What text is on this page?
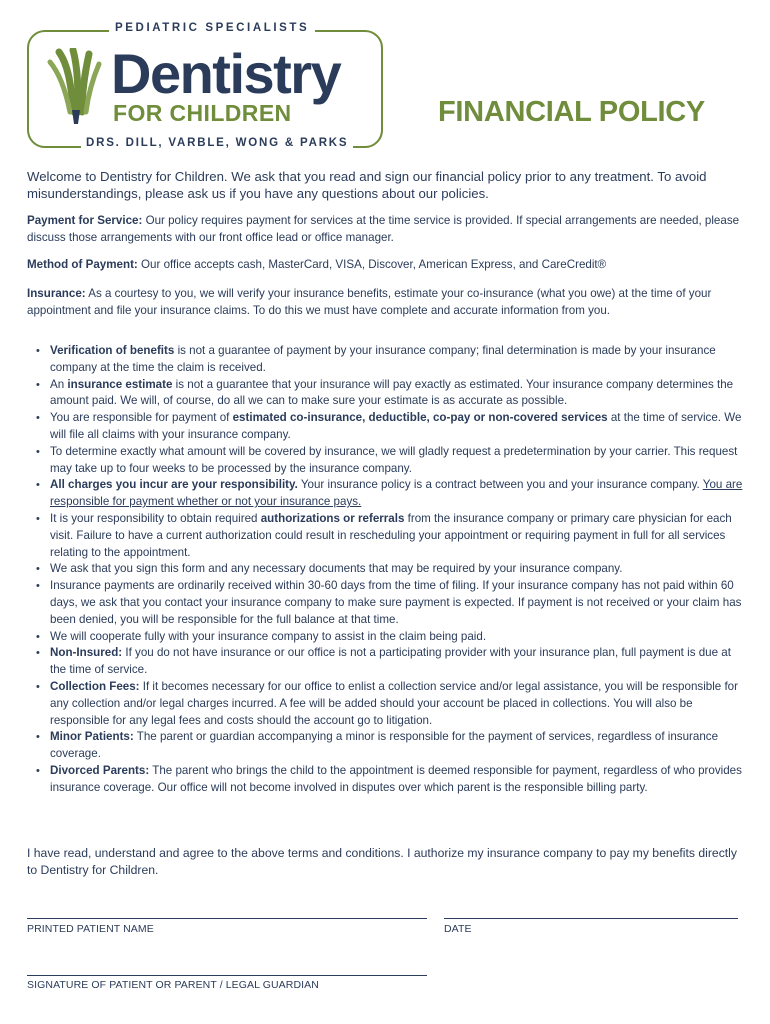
PEDIATRIC SPECIALISTS
Dentistry
FOR CHILDREN
DRS. DILL, VARBLE, WONG & PARKS
FINANCIAL POLICY
Welcome to Dentistry for Children. We ask that you read and sign our financial policy prior to any treatment. To avoid misunderstandings, please ask us if you have any questions about our policies.
Payment for Service: Our policy requires payment for services at the time service is provided. If special arrangements are needed, please discuss those arrangements with our front office lead or office manager.
Method of Payment: Our office accepts cash, MasterCard, VISA, Discover, American Express, and CareCredit®
Insurance: As a courtesy to you, we will verify your insurance benefits, estimate your co-insurance (what you owe) at the time of your appointment and file your insurance claims. To do this we must have complete and accurate information from you.
• Verification of benefits is not a guarantee of payment by your insurance company; final determination is made by your insurance company at the time the claim is received.
• An insurance estimate is not a guarantee that your insurance will pay exactly as estimated. Your insurance company determines the amount paid. We will, of course, do all we can to make sure your estimate is as accurate as possible.
• You are responsible for payment of estimated co-insurance, deductible, co-pay or non-covered services at the time of service. We will file all claims with your insurance company.
• To determine exactly what amount will be covered by insurance, we will gladly request a predetermination by your carrier. This request may take up to four weeks to be processed by the insurance company.
• All charges you incur are your responsibility. Your insurance policy is a contract between you and your insurance company. You are responsible for payment whether or not your insurance pays.
• It is your responsibility to obtain required authorizations or referrals from the insurance company or primary care physician for each visit. Failure to have a current authorization could result in rescheduling your appointment or requiring payment in full for all services relating to the appointment.
• We ask that you sign this form and any necessary documents that may be required by your insurance company.
• Insurance payments are ordinarily received within 30-60 days from the time of filing. If your insurance company has not paid within 60 days, we ask that you contact your insurance company to make sure payment is expected. If payment is not received or your claim has been denied, you will be responsible for the full balance at that time.
• We will cooperate fully with your insurance company to assist in the claim being paid.
• Non-Insured: If you do not have insurance or our office is not a participating provider with your insurance plan, full payment is due at the time of service.
• Collection Fees: If it becomes necessary for our office to enlist a collection service and/or legal assistance, you will be responsible for any collection and/or legal charges incurred. A fee will be added should your account be placed in collections. You will also be responsible for any legal fees and costs should the account go to litigation.
• Minor Patients: The parent or guardian accompanying a minor is responsible for the payment of services, regardless of insurance coverage.
• Divorced Parents: The parent who brings the child to the appointment is deemed responsible for payment, regardless of who provides insurance coverage. Our office will not become involved in disputes over which parent is the responsible billing party.
I have read, understand and agree to the above terms and conditions. I authorize my insurance company to pay my benefits directly to Dentistry for Children.
PRINTED PATIENT NAME	DATE
SIGNATURE OF PATIENT OR PARENT / LEGAL GUARDIAN
